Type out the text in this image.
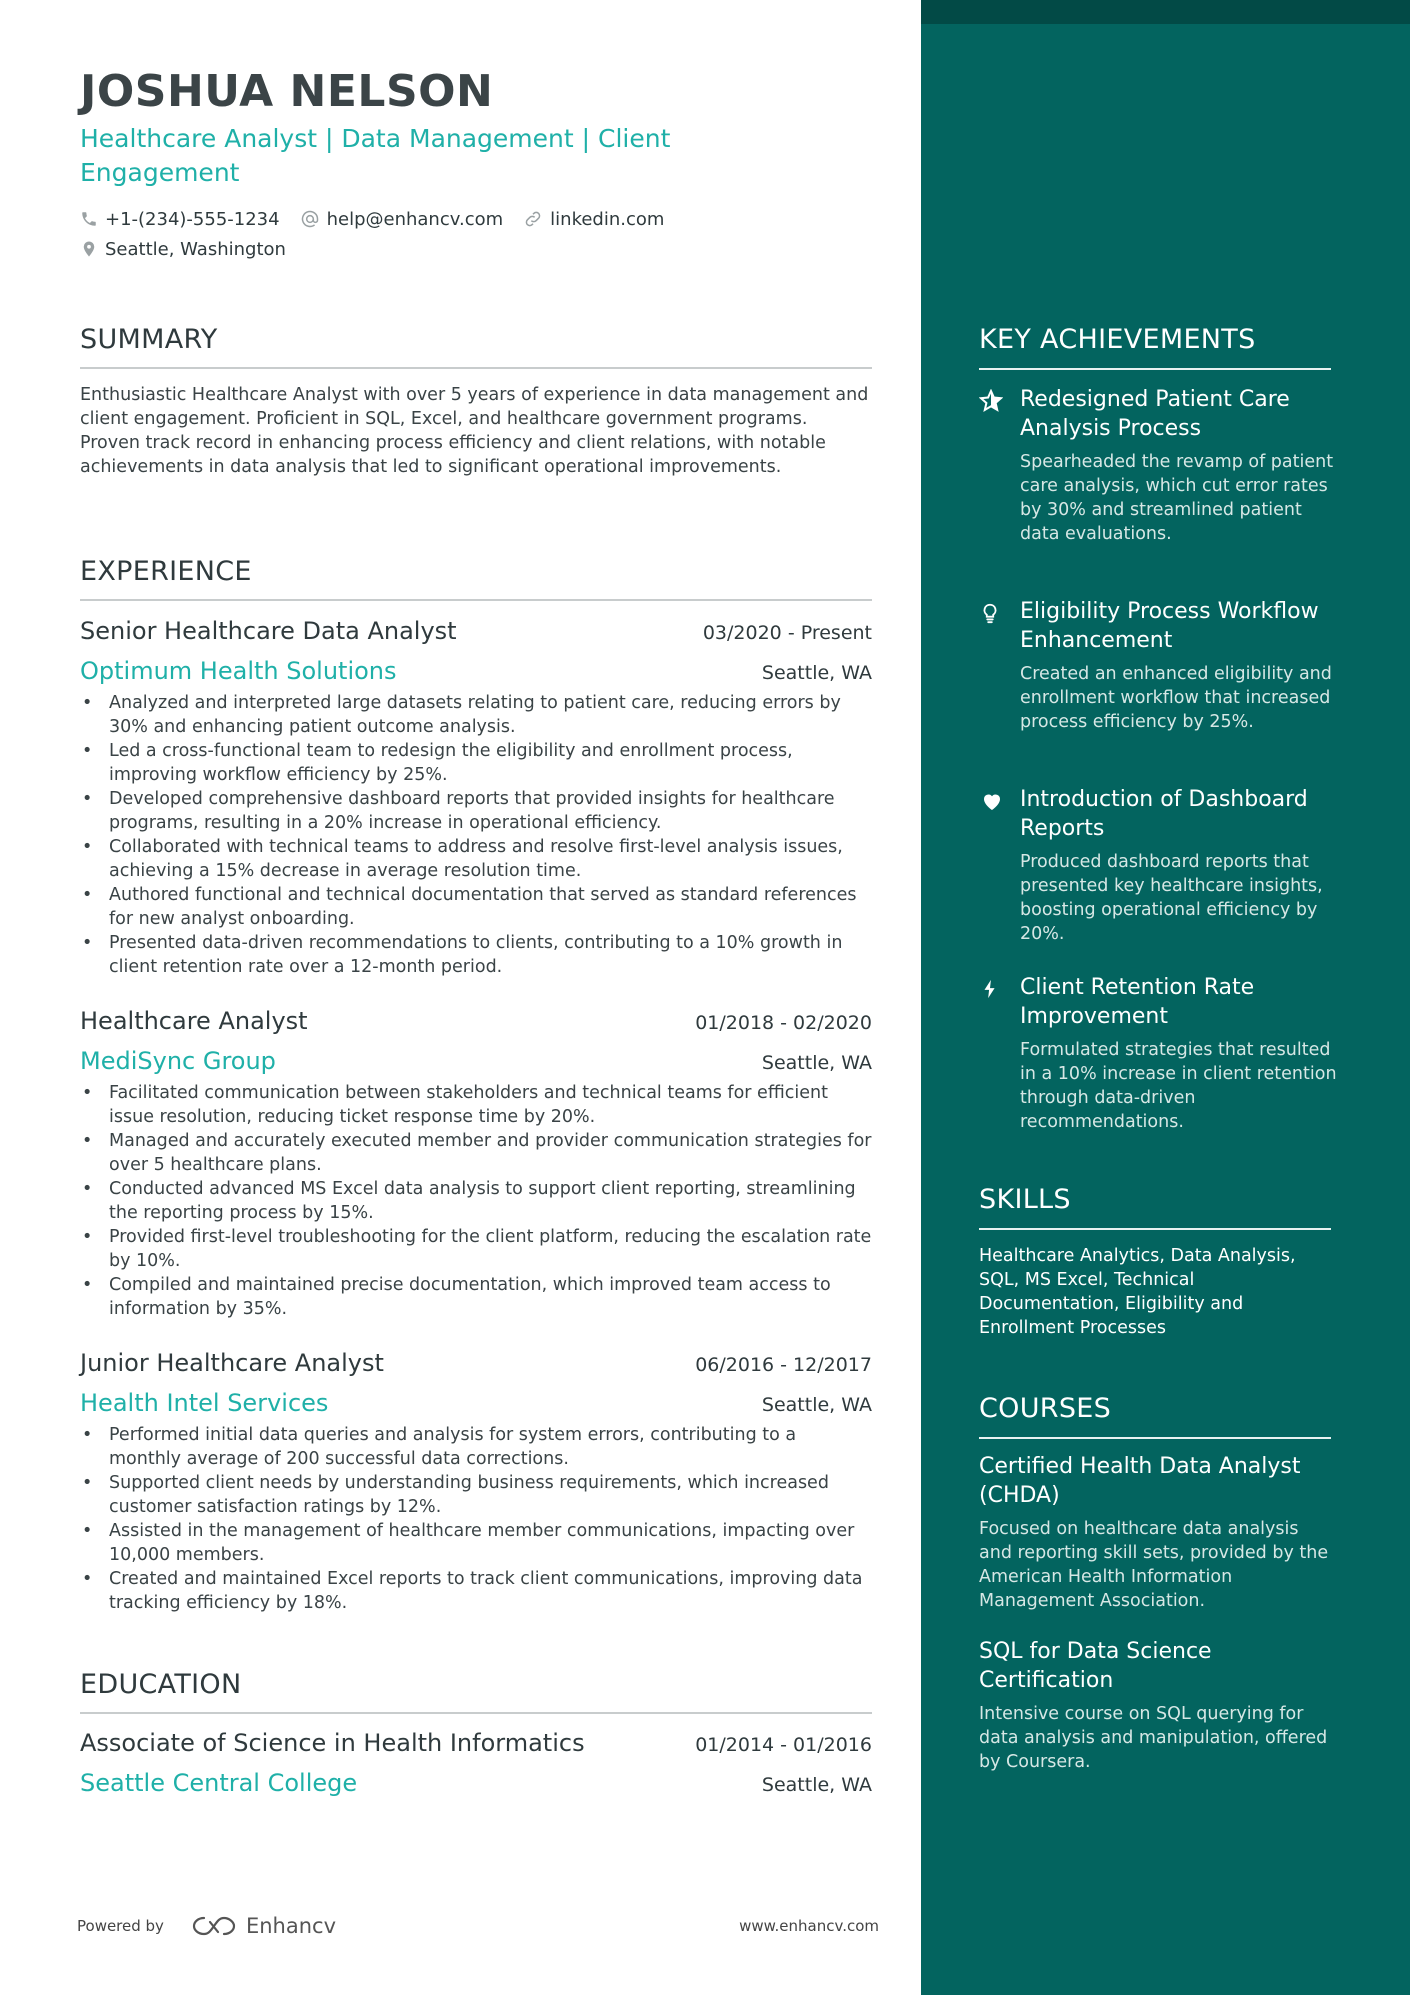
JOSHUA NELSON
Healthcare Analyst | Data Management | Client Engagement
+1-(234)-555-1234	help@enhancv.com	linkedin.com
Seattle, Washington
SUMMARY
Enthusiastic Healthcare Analyst with over 5 years of experience in data management and client engagement. Proficient in SQL, Excel, and healthcare government programs. Proven track record in enhancing process efficiency and client relations, with notable achievements in data analysis that led to significant operational improvements.
EXPERIENCE
Senior Healthcare Data Analyst	03/2020 - Present
Optimum Health Solutions	Seattle, WA
• Analyzed and interpreted large datasets relating to patient care, reducing errors by 30% and enhancing patient outcome analysis.
• Led a cross-functional team to redesign the eligibility and enrollment process, improving workflow efficiency by 25%.
• Developed comprehensive dashboard reports that provided insights for healthcare programs, resulting in a 20% increase in operational efficiency.
• Collaborated with technical teams to address and resolve first-level analysis issues, achieving a 15% decrease in average resolution time.
• Authored functional and technical documentation that served as standard references for new analyst onboarding.
• Presented data-driven recommendations to clients, contributing to a 10% growth in client retention rate over a 12-month period.
Healthcare Analyst	01/2018 - 02/2020
MediSync Group	Seattle, WA
• Facilitated communication between stakeholders and technical teams for efficient issue resolution, reducing ticket response time by 20%.
• Managed and accurately executed member and provider communication strategies for over 5 healthcare plans.
• Conducted advanced MS Excel data analysis to support client reporting, streamlining the reporting process by 15%.
• Provided first-level troubleshooting for the client platform, reducing the escalation rate by 10%.
• Compiled and maintained precise documentation, which improved team access to information by 35%.
Junior Healthcare Analyst	06/2016 - 12/2017
Health Intel Services	Seattle, WA
• Performed initial data queries and analysis for system errors, contributing to a monthly average of 200 successful data corrections.
• Supported client needs by understanding business requirements, which increased customer satisfaction ratings by 12%.
• Assisted in the management of healthcare member communications, impacting over 10,000 members.
• Created and maintained Excel reports to track client communications, improving data tracking efficiency by 18%.
EDUCATION
Associate of Science in Health Informatics	01/2014 - 01/2016
Seattle Central College	Seattle, WA
Powered by	Enhancv	www.enhancv.com
KEY ACHIEVEMENTS
Redesigned Patient Care Analysis Process
Spearheaded the revamp of patient care analysis, which cut error rates by 30% and streamlined patient data evaluations.
Eligibility Process Workflow Enhancement
Created an enhanced eligibility and enrollment workflow that increased process efficiency by 25%.
Introduction of Dashboard Reports
Produced dashboard reports that presented key healthcare insights, boosting operational efficiency by 20%.
Client Retention Rate Improvement
Formulated strategies that resulted in a 10% increase in client retention through data-driven recommendations.
SKILLS
Healthcare Analytics, Data Analysis, SQL, MS Excel, Technical Documentation, Eligibility and Enrollment Processes
COURSES
Certified Health Data Analyst (CHDA)
Focused on healthcare data analysis and reporting skill sets, provided by the American Health Information Management Association.
SQL for Data Science Certification
Intensive course on SQL querying for data analysis and manipulation, offered by Coursera.
